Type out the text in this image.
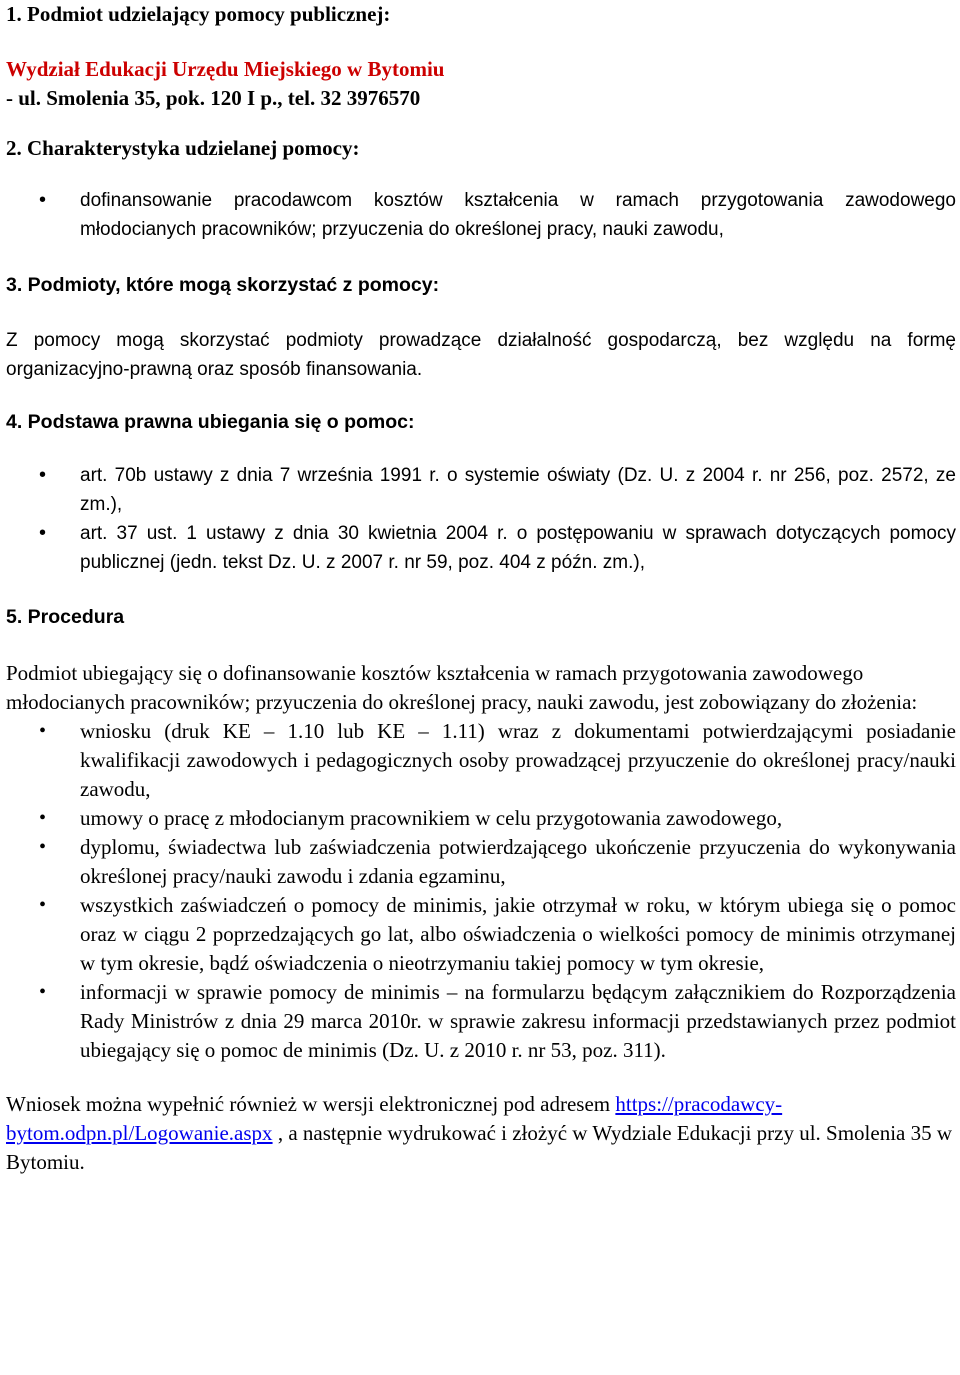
1. Podmiot udzielający pomocy publicznej:

Wydział Edukacji Urzędu Miejskiego w Bytomiu

- ul. Smolenia 35, pok. 120 I p., tel. 32 3976570

2. Charakterystyka udzielanej pomocy:

• dofinansowanie pracodawcom kosztów kształcenia w ramach przygotowania zawodowego młodocianych pracowników; przyuczenia do określonej pracy, nauki zawodu,

3. Podmioty, które mogą skorzystać z pomocy:

Z pomocy mogą skorzystać podmioty prowadzące działalność gospodarczą, bez względu na formę organizacyjno-prawną oraz sposób finansowania.

4. Podstawa prawna ubiegania się o pomoc:

• art. 70b ustawy z dnia 7 września 1991 r. o systemie oświaty (Dz. U. z 2004 r. nr 256, poz. 2572, ze zm.),
• art. 37 ust. 1 ustawy z dnia 30 kwietnia 2004 r. o postępowaniu w sprawach dotyczących pomocy publicznej (jedn. tekst Dz. U. z 2007 r. nr 59, poz. 404 z późn. zm.),

5. Procedura

Podmiot ubiegający się o dofinansowanie kosztów kształcenia w ramach przygotowania zawodowego młodocianych pracowników; przyuczenia do określonej pracy, nauki zawodu, jest zobowiązany do złożenia:

• wniosku (druk KE – 1.10 lub KE – 1.11) wraz z dokumentami potwierdzającymi posiadanie kwalifikacji zawodowych i pedagogicznych osoby prowadzącej przyuczenie do określonej pracy/nauki zawodu,
• umowy o pracę z młodocianym pracownikiem w celu przygotowania zawodowego,
• dyplomu, świadectwa lub zaświadczenia potwierdzającego ukończenie przyuczenia do wykonywania określonej pracy/nauki zawodu i zdania egzaminu,
• wszystkich zaświadczeń o pomocy de minimis, jakie otrzymał w roku, w którym ubiega się o pomoc oraz w ciągu 2 poprzedzających go lat, albo oświadczenia o wielkości pomocy de minimis otrzymanej w tym okresie, bądź oświadczenia o nieotrzymaniu takiej pomocy w tym okresie,
• informacji w sprawie pomocy de minimis – na formularzu będącym załącznikiem do Rozporządzenia Rady Ministrów z dnia 29 marca 2010r. w sprawie zakresu informacji przedstawianych przez podmiot ubiegający się o pomoc de minimis (Dz. U. z 2010 r. nr 53, poz. 311).

Wniosek można wypełnić również w wersji elektronicznej pod adresem https://pracodawcy-bytom.odpn.pl/Logowanie.aspx , a następnie wydrukować i złożyć w Wydziale Edukacji przy ul. Smolenia 35 w Bytomiu.
